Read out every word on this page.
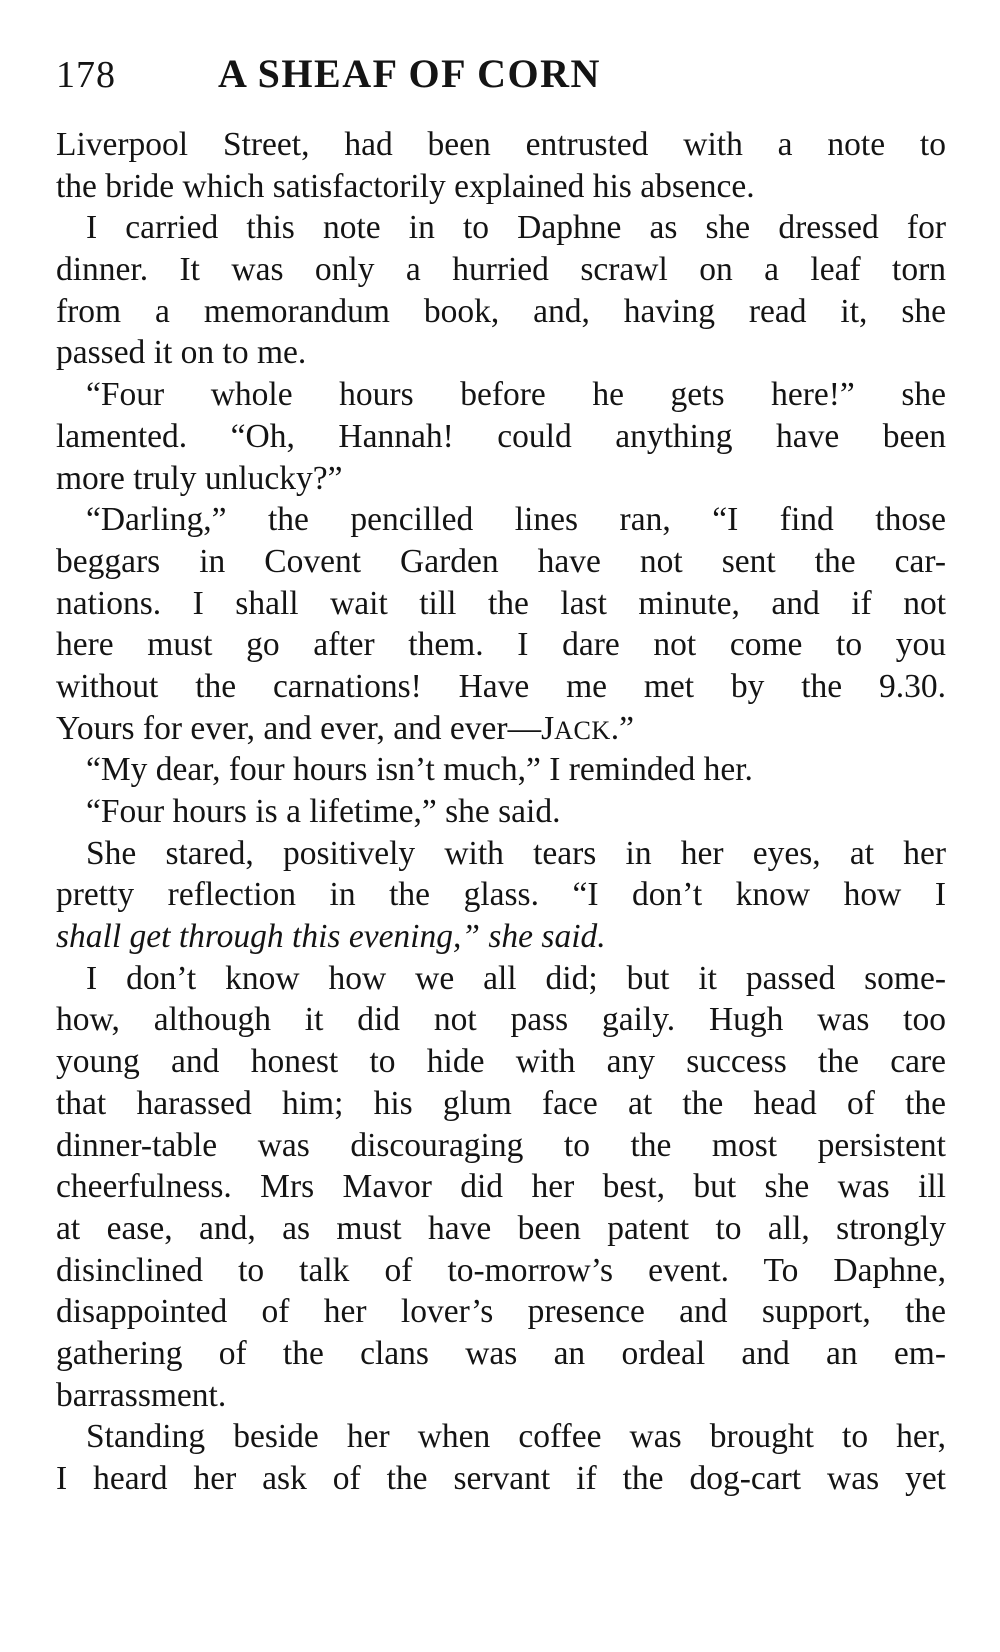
178	A SHEAF OF CORN
Liverpool Street, had been entrusted with a note to
the bride which satisfactorily explained his absence.
I carried this note in to Daphne as she dressed for
dinner. It was only a hurried scrawl on a leaf torn
from a memorandum book, and, having read it, she
passed it on to me.
“Four whole hours before he gets here!” she
lamented. “Oh, Hannah! could anything have been
more truly unlucky?”
“Darling,” the pencilled lines ran, “I find those
beggars in Covent Garden have not sent the car-
nations. I shall wait till the last minute, and if not
here must go after them. I dare not come to you
without the carnations! Have me met by the 9.30.
Yours for ever, and ever, and ever—JACK.”
“My dear, four hours isn’t much,” I reminded her.
“Four hours is a lifetime,” she said.
She stared, positively with tears in her eyes, at her
pretty reflection in the glass. “I don’t know how I
shall get through this evening,” she said.
I don’t know how we all did; but it passed some-
how, although it did not pass gaily. Hugh was too
young and honest to hide with any success the care
that harassed him; his glum face at the head of the
dinner-table was discouraging to the most persistent
cheerfulness. Mrs Mavor did her best, but she was ill
at ease, and, as must have been patent to all, strongly
disinclined to talk of to-morrow’s event. To Daphne,
disappointed of her lover’s presence and support, the
gathering of the clans was an ordeal and an em-
barrassment.
Standing beside her when coffee was brought to her,
I heard her ask of the servant if the dog-cart was yet
